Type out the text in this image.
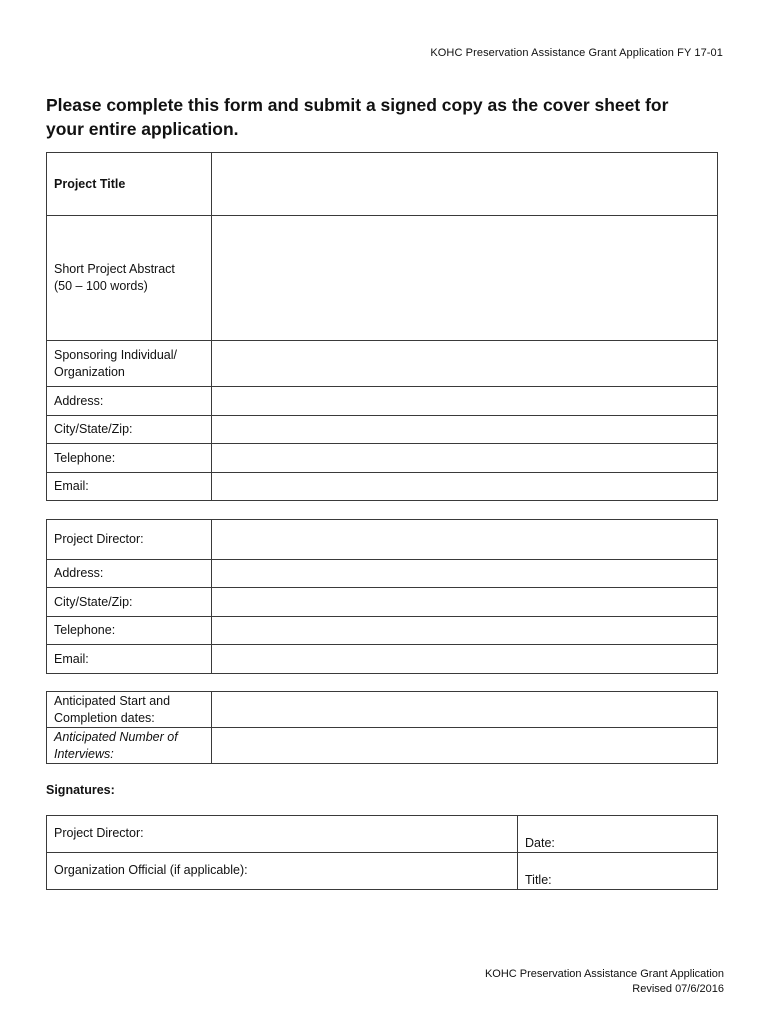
KOHC Preservation Assistance Grant Application FY 17-01
Please complete this form and submit a signed copy as the cover sheet for your entire application.
Project Title	

Short Project Abstract
(50 – 100 words)	

Sponsoring Individual/
Organization	

Address:	
City/State/Zip:	
Telephone:	
Email:	
Project Director:	
Address:	
City/State/Zip:	
Telephone:	
Email:	
Anticipated Start and
Completion dates:	

Anticipated Number of
Interviews:	

Signatures:
Project Director:	Date:
Organization Official (if applicable):	Title:
KOHC Preservation Assistance Grant Application
Revised 07/6/2016
